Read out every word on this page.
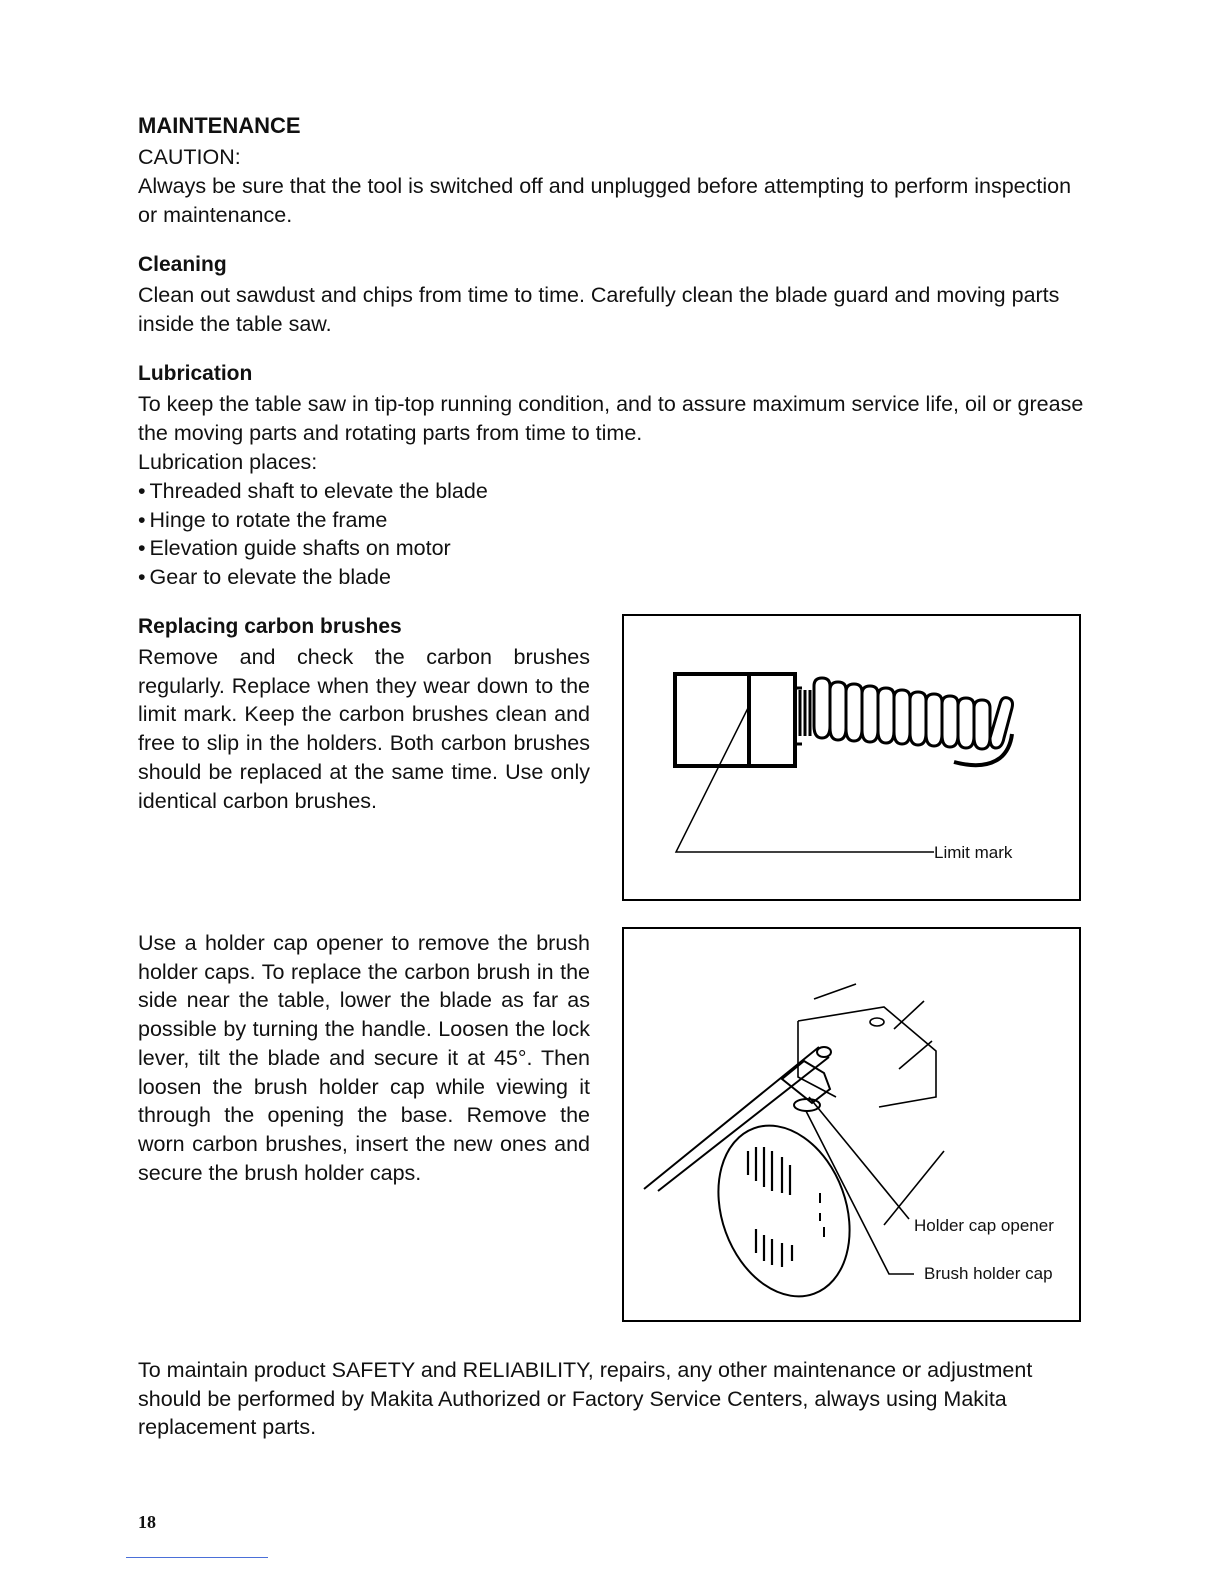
MAINTENANCE
CAUTION:

Always be sure that the tool is switched off and unplugged before attempting to perform inspection or maintenance.

Cleaning

Clean out sawdust and chips from time to time. Carefully clean the blade guard and moving parts inside the table saw.

Lubrication

To keep the table saw in tip-top running condition, and to assure maximum service life, oil or grease the moving parts and rotating parts from time to time.

Lubrication places:
• Threaded shaft to elevate the blade
• Hinge to rotate the frame
• Elevation guide shafts on motor
• Gear to elevate the blade
Replacing carbon brushes

Remove and check the carbon brushes regularly. Replace when they wear down to the limit mark. Keep the carbon brushes clean and free to slip in the holders. Both carbon brushes should be replaced at the same time. Use only identical carbon brushes.

Limit mark

Use a holder cap opener to remove the brush holder caps. To replace the carbon brush in the side near the table, lower the blade as far as possible by turning the handle. Loosen the lock lever, tilt the blade and secure it at 45°. Then loosen the brush holder cap while viewing it through the opening the base. Remove the worn carbon brushes, insert the new ones and secure the brush holder caps.

Holder cap opener
Brush holder cap

To maintain product SAFETY and RELIABILITY, repairs, any other maintenance or adjustment should be performed by Makita Authorized or Factory Service Centers, always using Makita replacement parts.

18
